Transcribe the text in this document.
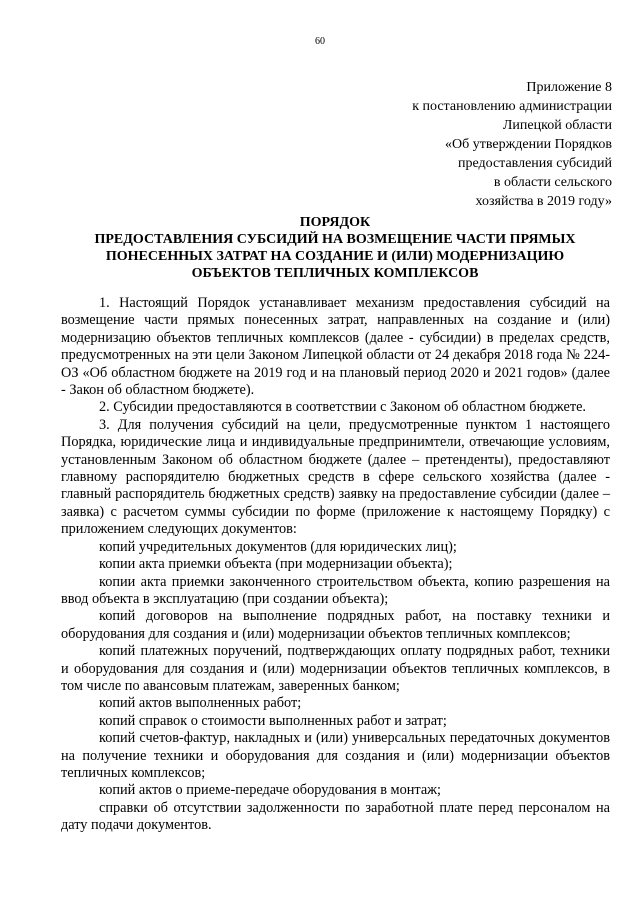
60
Приложение 8
к постановлению администрации
Липецкой области
«Об утверждении Порядков
предоставления субсидий
в области сельского
хозяйства в 2019 году»
ПОРЯДОК
ПРЕДОСТАВЛЕНИЯ СУБСИДИЙ НА ВОЗМЕЩЕНИЕ ЧАСТИ ПРЯМЫХ
ПОНЕСЕННЫХ ЗАТРАТ НА СОЗДАНИЕ И (ИЛИ) МОДЕРНИЗАЦИЮ
ОБЪЕКТОВ ТЕПЛИЧНЫХ КОМПЛЕКСОВ

1. Настоящий Порядок устанавливает механизм предоставления субсидий на возмещение части прямых понесенных затрат, направленных на создание и (или) модернизацию объектов тепличных комплексов (далее - субсидии) в пределах средств, предусмотренных на эти цели Законом Липецкой области от 24 декабря 2018 года № 224-ОЗ «Об областном бюджете на 2019 год и на плановый период 2020 и 2021 годов» (далее - Закон об областном бюджете).

2. Субсидии предоставляются в соответствии с Законом об областном бюджете.

3. Для получения субсидий на цели, предусмотренные пунктом 1 настоящего Порядка, юридические лица и индивидуальные предпринимтели, отвечающие условиям, установленным Законом об областном бюджете (далее – претенденты), предоставляют главному распорядителю бюджетных средств в сфере сельского хозяйства (далее - главный распорядитель бюджетных средств) заявку на предоставление субсидии (далее – заявка) с расчетом суммы субсидии по форме (приложение к настоящему Порядку) с приложением следующих документов:

копий учредительных документов (для юридических лиц);

копии акта приемки объекта (при модернизации объекта);

копии акта приемки законченного строительством объекта, копию разрешения на ввод объекта в эксплуатацию (при создании объекта);

копий договоров на выполнение подрядных работ, на поставку техники и оборудования для создания и (или) модернизации объектов тепличных комплексов;

копий платежных поручений, подтверждающих оплату подрядных работ, техники и оборудования для создания и (или) модернизации объектов тепличных комплексов, в том числе по авансовым платежам, заверенных банком;

копий актов выполненных работ;

копий справок о стоимости выполненных работ и затрат;

копий счетов-фактур, накладных и (или) универсальных передаточных документов на получение техники и оборудования для создания и (или) модернизации объектов тепличных комплексов;

копий актов о приеме-передаче оборудования в монтаж;

справки об отсутствии задолженности по заработной плате перед персоналом на дату подачи документов.
